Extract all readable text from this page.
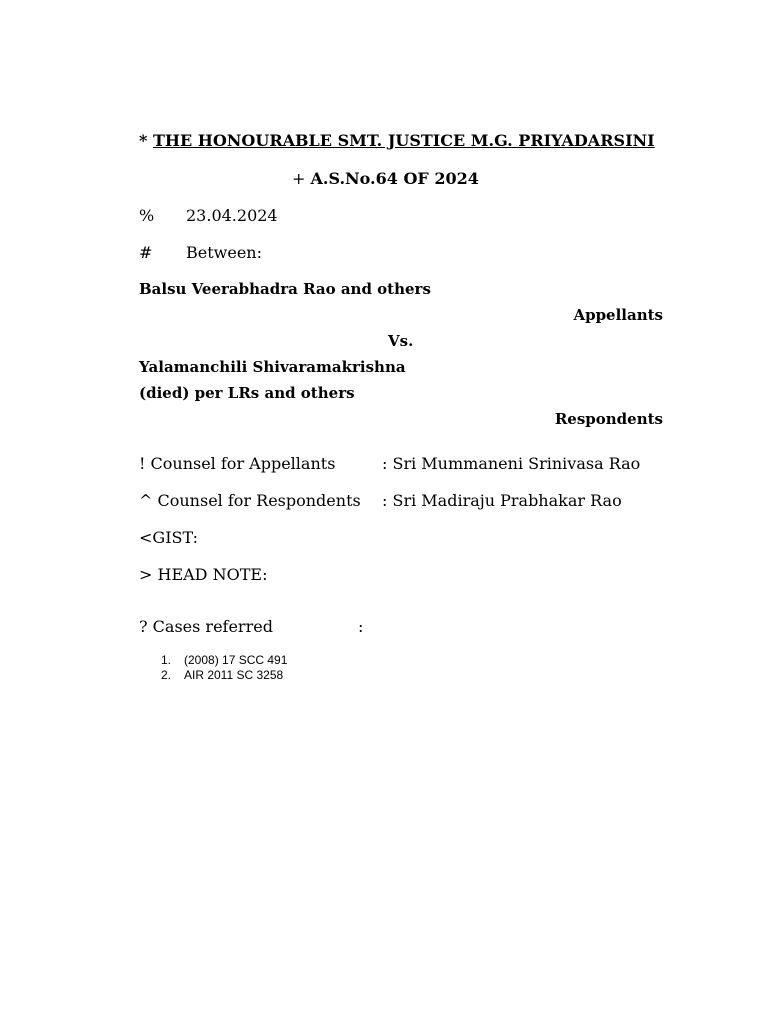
* THE HONOURABLE SMT. JUSTICE M.G. PRIYADARSINI
+ A.S.No.64 OF 2024
% 23.04.2024
# Between:
Balsu Veerabhadra Rao and others
Appellants
Vs.
Yalamanchili Shivaramakrishna
(died) per LRs and others
Respondents
! Counsel for Appellants	: Sri Mummaneni Srinivasa Rao
^ Counsel for Respondents : Sri Madiraju Prabhakar Rao
<GIST:
> HEAD NOTE:
? Cases referred	:
1.	(2008) 17 SCC 491
2.	AIR 2011 SC 3258
